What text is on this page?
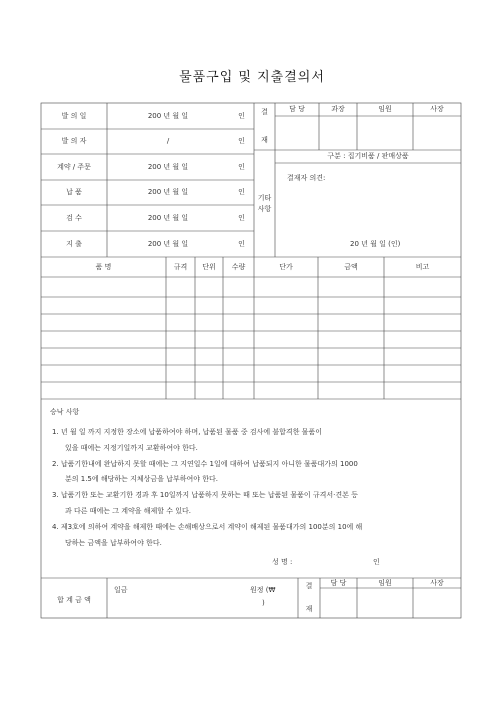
물품구입 및 지출결의서
발 의 일	200 년 월 일	인
발 의 자	/	인
계약 / 주문	200 년 월 일	인
납 품	200 년 월 일	인
검 수	200 년 월 일	인
지 출	200 년 월 일	인
결
재
담 당	과장	임원	사장
기타
사항
구분 : 집기비품 / 판매상품
결재자 의견:
20 년 월 일 (인)
품 명	규격	단위	수량	단가	금액	비고
승낙 사항
1. 년 월 일 까지 지정한 장소에 납품하여야 하며, 납품된 물품 중 검사에 불합격한 물품이
있을 때에는 지정기일까지 교환하여야 한다.
2. 납품기한내에 완납하지 못할 때에는 그 지연일수 1일에 대하여 납품되지 아니한 물품대가의 1000
분의 1.5에 해당하는 지체상금을 납부하여야 한다.
3. 납품기한 또는 교환기한 경과 후 10일까지 납품하지 못하는 때 또는 납품된 물품이 규격서·견본 등
과 다른 때에는 그 계약을 해제할 수 있다.
4. 제3호에 의하여 계약을 해제한 때에는 손해배상으로서 계약이 해제된 물품대가의 100분의 10에 해
당하는 금액을 납부하여야 한다.
성 명 :	인
합 계 금 액
일금	원정 (₩
)
결
재
담 당	임원	사장
